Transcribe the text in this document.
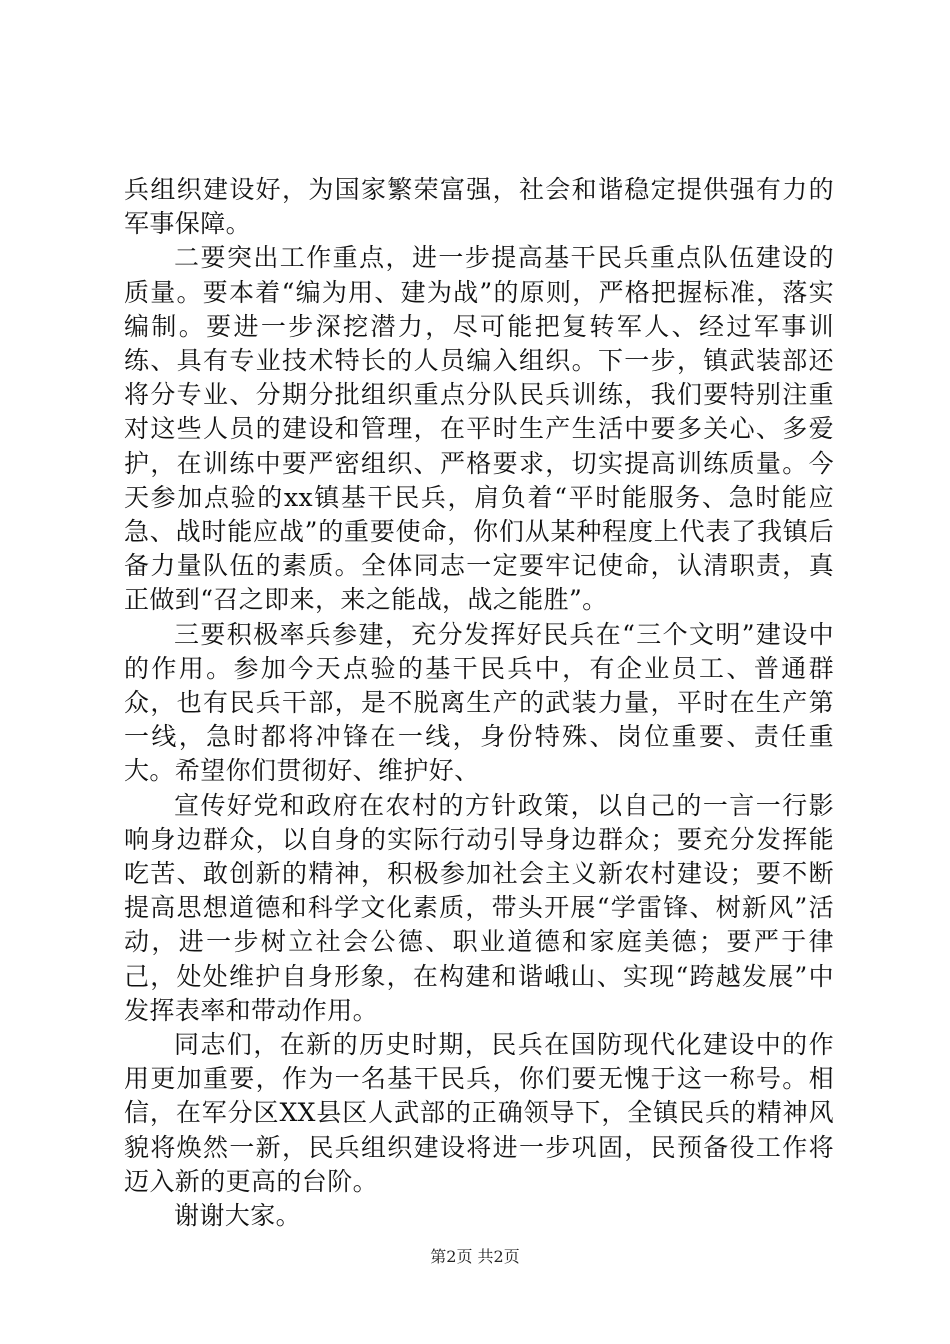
兵组织建设好，为国家繁荣富强，社会和谐稳定提供强有力的军事保障。

二要突出工作重点，进一步提高基干民兵重点队伍建设的质量。要本着“编为用、建为战”的原则，严格把握标准，落实编制。要进一步深挖潜力，尽可能把复转军人、经过军事训练、具有专业技术特长的人员编入组织。下一步，镇武装部还将分专业、分期分批组织重点分队民兵训练，我们要特别注重对这些人员的建设和管理，在平时生产生活中要多关心、多爱护，在训练中要严密组织、严格要求，切实提高训练质量。今天参加点验的xx镇基干民兵，肩负着“平时能服务、急时能应急、战时能应战”的重要使命，你们从某种程度上代表了我镇后备力量队伍的素质。全体同志一定要牢记使命，认清职责，真正做到“召之即来，来之能战，战之能胜”。

三要积极率兵参建，充分发挥好民兵在“三个文明”建设中的作用。参加今天点验的基干民兵中，有企业员工、普通群众，也有民兵干部，是不脱离生产的武装力量，平时在生产第一线，急时都将冲锋在一线，身份特殊、岗位重要、责任重大。希望你们贯彻好、维护好、

宣传好党和政府在农村的方针政策，以自己的一言一行影响身边群众，以自身的实际行动引导身边群众；要充分发挥能吃苦、敢创新的精神，积极参加社会主义新农村建设；要不断提高思想道德和科学文化素质，带头开展“学雷锋、树新风”活动，进一步树立社会公德、职业道德和家庭美德；要严于律己，处处维护自身形象，在构建和谐峨山、实现“跨越发展”中发挥表率和带动作用。

同志们，在新的历史时期，民兵在国防现代化建设中的作用更加重要，作为一名基干民兵，你们要无愧于这一称号。相信，在军分区XX县区人武部的正确领导下，全镇民兵的精神风貌将焕然一新，民兵组织建设将进一步巩固，民预备役工作将迈入新的更高的台阶。

谢谢大家。

第2页 共2页
